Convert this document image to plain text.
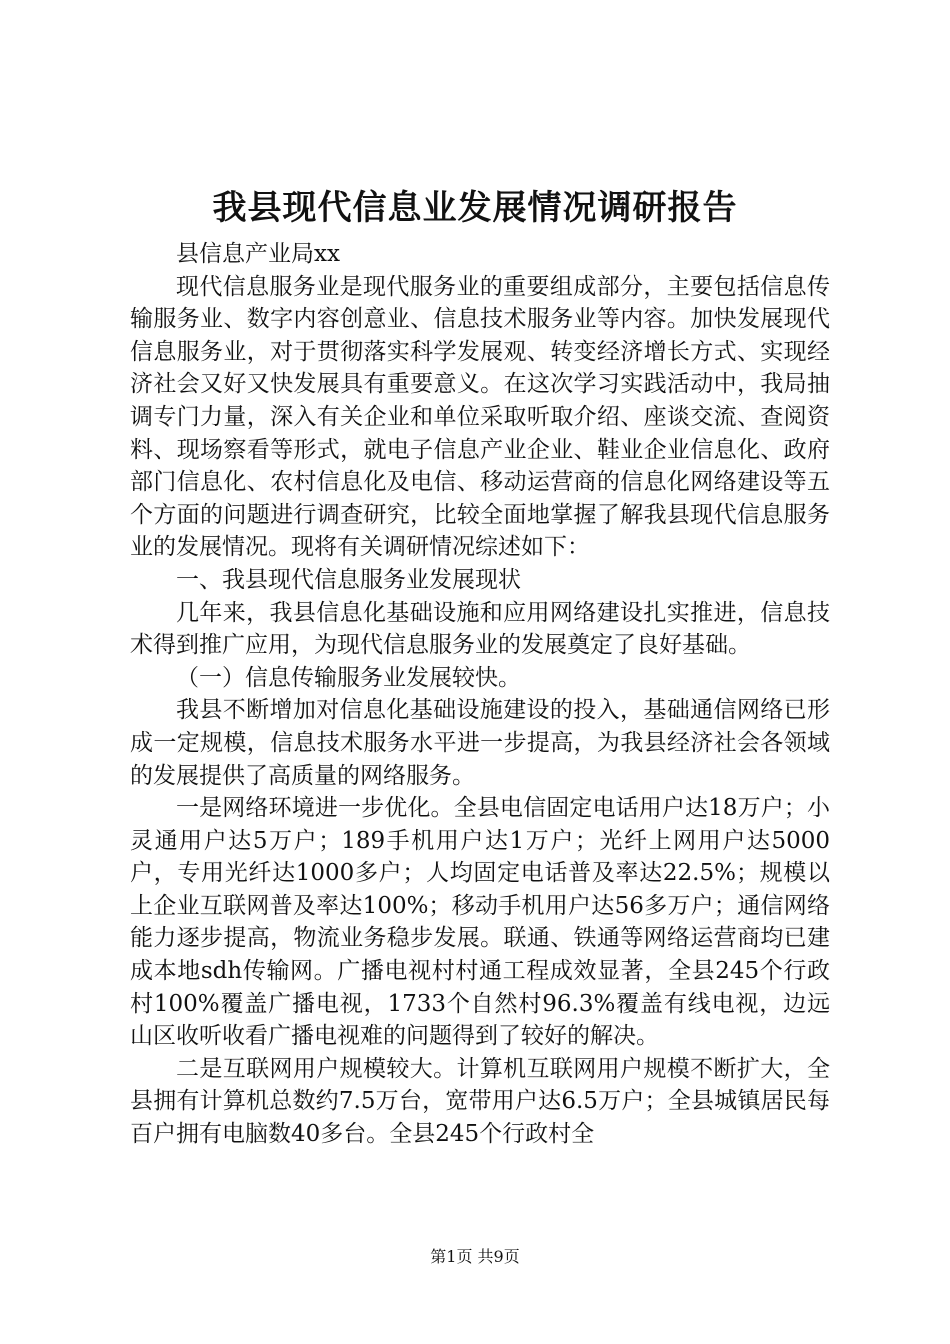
我县现代信息业发展情况调研报告

县信息产业局xx

现代信息服务业是现代服务业的重要组成部分，主要包括信息传输服务业、数字内容创意业、信息技术服务业等内容。加快发展现代信息服务业，对于贯彻落实科学发展观、转变经济增长方式、实现经济社会又好又快发展具有重要意义。在这次学习实践活动中，我局抽调专门力量，深入有关企业和单位采取听取介绍、座谈交流、查阅资料、现场察看等形式，就电子信息产业企业、鞋业企业信息化、政府部门信息化、农村信息化及电信、移动运营商的信息化网络建设等五个方面的问题进行调查研究，比较全面地掌握了解我县现代信息服务业的发展情况。现将有关调研情况综述如下：

一、我县现代信息服务业发展现状

几年来，我县信息化基础设施和应用网络建设扎实推进，信息技术得到推广应用，为现代信息服务业的发展奠定了良好基础。

（一）信息传输服务业发展较快。

我县不断增加对信息化基础设施建设的投入，基础通信网络已形成一定规模，信息技术服务水平进一步提高，为我县经济社会各领域的发展提供了高质量的网络服务。

一是网络环境进一步优化。全县电信固定电话用户达18万户；小灵通用户达5万户；189手机用户达1万户；光纤上网用户达5000户，专用光纤达1000多户；人均固定电话普及率达22.5%；规模以上企业互联网普及率达100%；移动手机用户达56多万户；通信网络能力逐步提高，物流业务稳步发展。联通、铁通等网络运营商均已建成本地sdh传输网。广播电视村村通工程成效显著，全县245个行政村100%覆盖广播电视，1733个自然村96.3%覆盖有线电视，边远山区收听收看广播电视难的问题得到了较好的解决。

二是互联网用户规模较大。计算机互联网用户规模不断扩大，全县拥有计算机总数约7.5万台，宽带用户达6.5万户；全县城镇居民每百户拥有电脑数40多台。全县245个行政村全

第1页 共9页
